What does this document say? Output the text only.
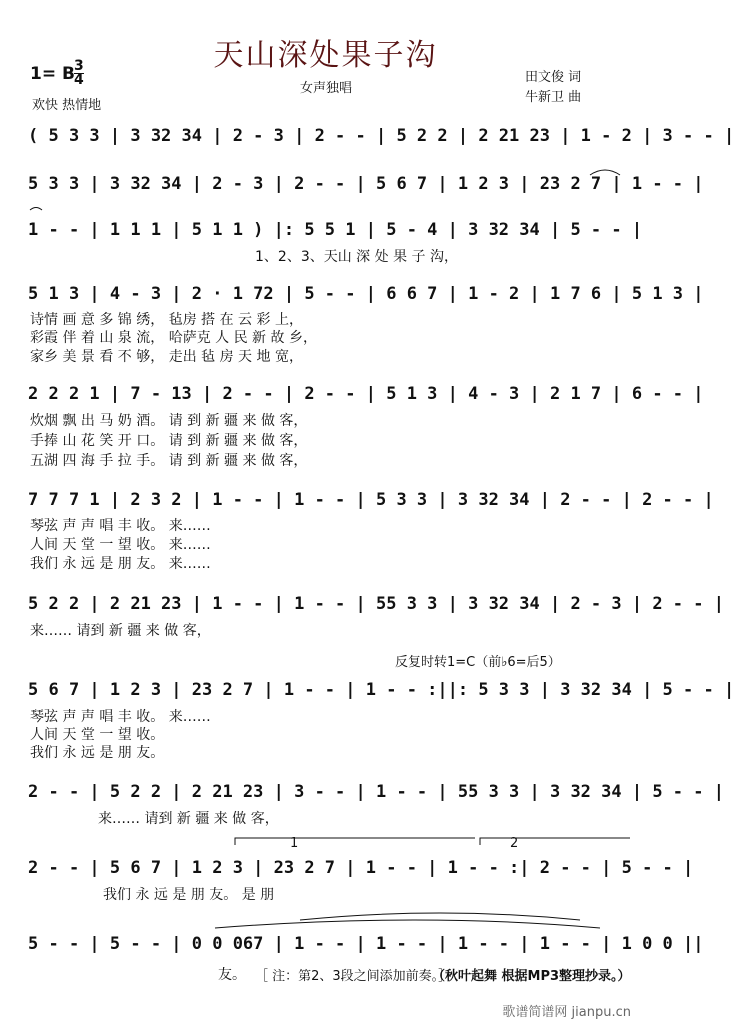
天山深处果子沟
1= B 3
4
欢快 热情地
女声独唱
田文俊 词
牛新卫 曲
( 5 3 3 | 3 32 34 | 2 - 3 | 2 - - | 5 2 2 | 2 21 23 | 1 - 2 | 3 - - |
5 3 3 | 3 32 34 | 2 - 3 | 2 - - | 5 6 7 | 1 2 3 | 23 2 7 | 1 - - |
1 - - | 1 1 1 | 5 1 1 ) |: 5 5 1 | 5 - 4 | 3 32 34 | 5 - - |
1、2、3、天山 深 处 果 子 沟，
5 1 3 | 4 - 3 | 2 · 1 72 | 5 - - | 6 6 7 | 1 - 2 | 1 7 6 | 5 1 3 |
诗情 画 意 多 锦 绣， 毡房 搭 在 云 彩 上，
彩霞 伴 着 山 泉 流， 哈萨克 人 民 新 故 乡，
家乡 美 景 看 不 够， 走出 毡 房 天 地 宽，
2 2 2 1 | 7 - 13 | 2 - - | 2 - - | 5 1 3 | 4 - 3 | 2 1 7 | 6 - - |
炊烟 飘 出 马 奶 酒。 请 到 新 疆 来 做 客，
手捧 山 花 笑 开 口。 请 到 新 疆 来 做 客，
五湖 四 海 手 拉 手。 请 到 新 疆 来 做 客，
7 7 7 1 | 2 3 2 | 1 - - | 1 - - | 5 3 3 | 3 32 34 | 2 - - | 2 - - |
琴弦 声 声 唱 丰 收。 来……
人间 天 堂 一 望 收。 来……
我们 永 远 是 朋 友。 来……
5 2 2 | 2 21 23 | 1 - - | 1 - - | 55 3 3 | 3 32 34 | 2 - 3 | 2 - - |
来…… 请到 新 疆 来 做 客，
反复时转1=C（前♭6=后5）
5 6 7 | 1 2 3 | 23 2 7 | 1 - - | 1 - - :||: 5 3 3 | 3 32 34 | 5 - - |
琴弦 声 声 唱 丰 收。 来……
人间 天 堂 一 望 收。
我们 永 远 是 朋 友。
2 - - | 5 2 2 | 2 21 23 | 3 - - | 1 - - | 55 3 3 | 3 32 34 | 5 - - |
来…… 请到 新 疆 来 做 客，
2 - - | 5 6 7 | 1 2 3 | 23 2 7 | 1 - - | 1 - - :| 2 - - | 5 - - |
我们 永 远 是 朋 友。 是 朋
1	2
5 - - | 5 - - | 0 0 067 | 1 - - | 1 - - | 1 - - | 1 - - | 1 0 0 ||
友。 ［ 注：第2、3段之间添加前奏。］
（秋叶起舞 根据MP3整理抄录。）
歌谱简谱网 jianpu.cn
